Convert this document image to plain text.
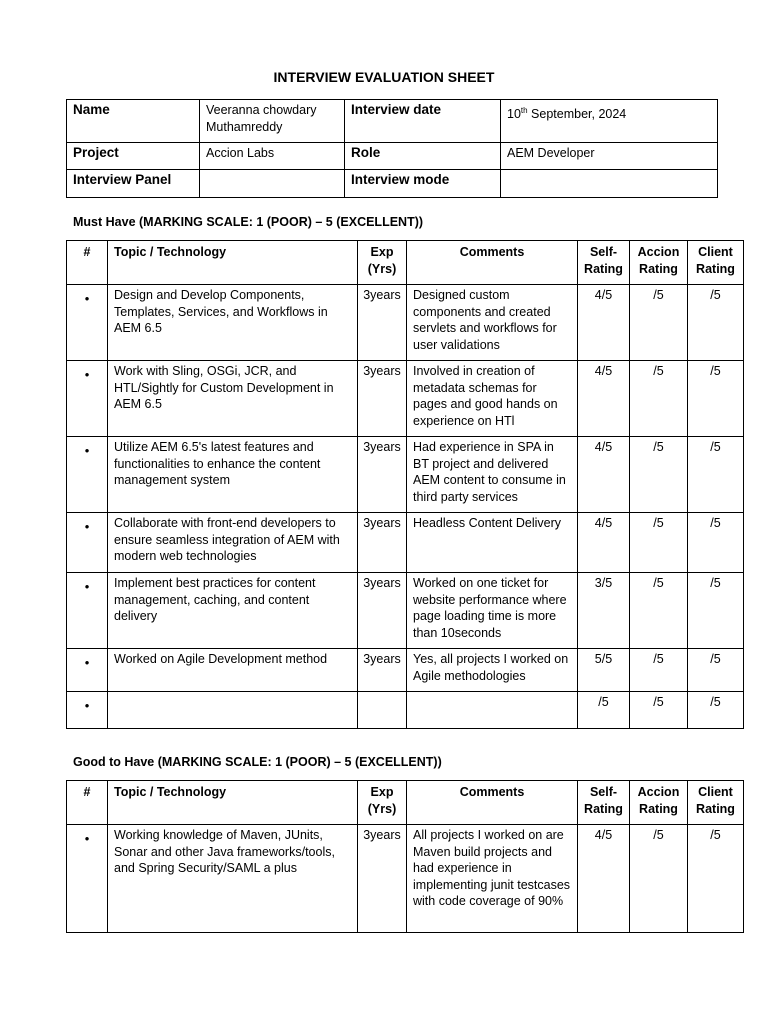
INTERVIEW EVALUATION SHEET
Name	Veeranna chowdary Muthamreddy	Interview date	10th September, 2024
Project	Accion Labs	Role	AEM Developer
Interview Panel		Interview mode	
Must Have (MARKING SCALE: 1 (POOR) – 5 (EXCELLENT))
#	Topic / Technology	Exp (Yrs)	Comments	Self-Rating	Accion Rating	Client Rating
•	Design and Develop Components, Templates, Services, and Workflows in AEM 6.5	3years	Designed custom components and created servlets and workflows for user validations	4/5	/5	/5
•	Work with Sling, OSGi, JCR, and HTL/Sightly for Custom Development in AEM 6.5	3years	Involved in creation of metadata schemas for pages and good hands on experience on HTl	4/5	/5	/5
•	Utilize AEM 6.5's latest features and functionalities to enhance the content management system	3years	Had experience in SPA in BT project and delivered AEM content to consume in third party services	4/5	/5	/5
•	Collaborate with front-end developers to ensure seamless integration of AEM with modern web technologies	3years	Headless Content Delivery	4/5	/5	/5
•	Implement best practices for content management, caching, and content delivery	3years	Worked on one ticket for website performance where page loading time is more than 10seconds	3/5	/5	/5
•	Worked on Agile Development method	3years	Yes, all projects I worked on Agile methodologies	5/5	/5	/5
•				/5	/5	/5
Good to Have (MARKING SCALE: 1 (POOR) – 5 (EXCELLENT))
#	Topic / Technology	Exp (Yrs)	Comments	Self-Rating	Accion Rating	Client Rating
•	Working knowledge of Maven, JUnits, Sonar and other Java frameworks/tools, and Spring Security/SAML a plus	3years	All projects I worked on are Maven build projects and had experience in implementing junit testcases with code coverage of 90%	4/5	/5	/5
